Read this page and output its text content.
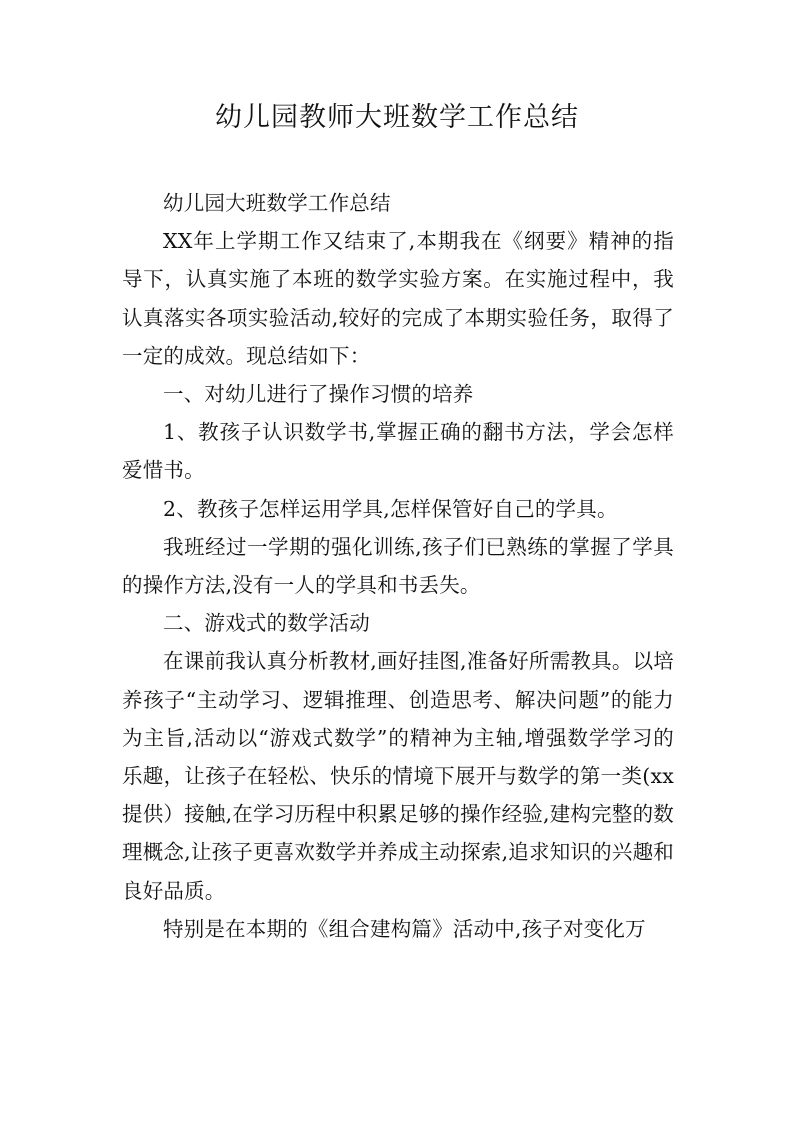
幼儿园教师大班数学工作总结

幼儿园大班数学工作总结

XX年上学期工作又结束了,本期我在《纲要》精神的指导下，认真实施了本班的数学实验方案。在实施过程中，我认真落实各项实验活动,较好的完成了本期实验任务，取得了一定的成效。现总结如下：

一、对幼儿进行了操作习惯的培养

1、教孩子认识数学书,掌握正确的翻书方法，学会怎样爱惜书。

2、教孩子怎样运用学具,怎样保管好自己的学具。

我班经过一学期的强化训练,孩子们已熟练的掌握了学具的操作方法,没有一人的学具和书丢失。

二、游戏式的数学活动

在课前我认真分析教材,画好挂图,准备好所需教具。以培养孩子“主动学习、逻辑推理、创造思考、解决问题”的能力为主旨,活动以“游戏式数学”的精神为主轴,增强数学学习的乐趣，让孩子在轻松、快乐的情境下展开与数学的第一类(xx提供）接触,在学习历程中积累足够的操作经验,建构完整的数理概念,让孩子更喜欢数学并养成主动探索,追求知识的兴趣和良好品质。

特别是在本期的《组合建构篇》活动中,孩子对变化万
